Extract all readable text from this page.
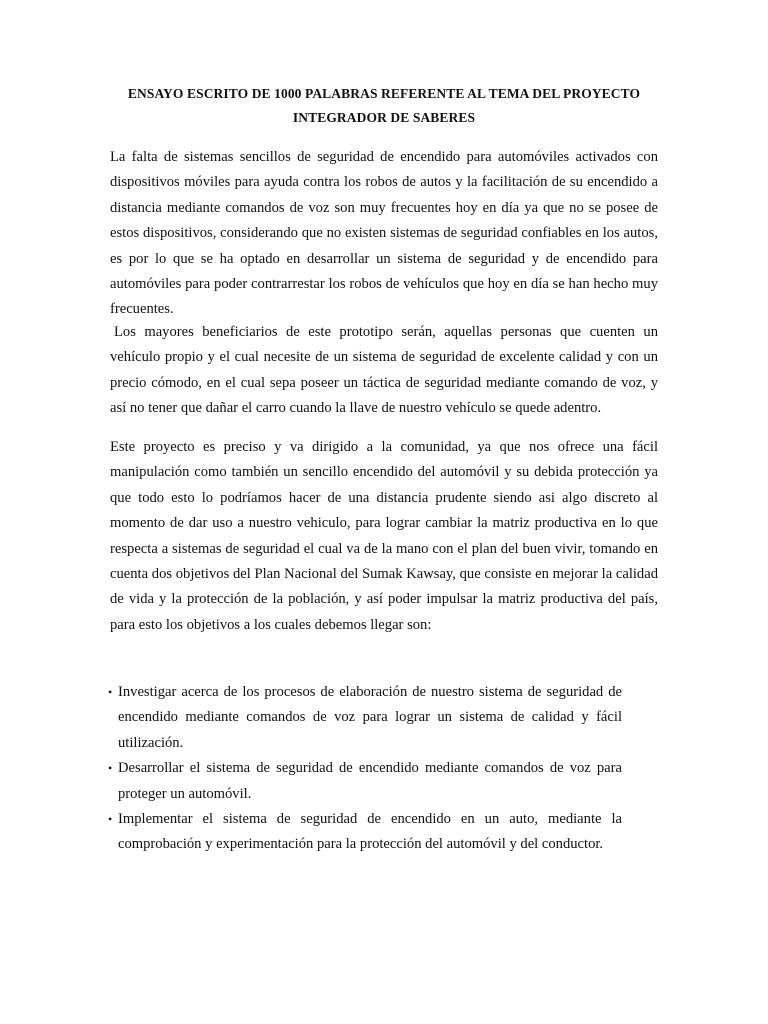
ENSAYO ESCRITO DE 1000 PALABRAS REFERENTE AL TEMA DEL PROYECTO INTEGRADOR DE SABERES

La falta de sistemas sencillos de seguridad de encendido para automóviles activados con dispositivos móviles para ayuda contra los robos de autos y la facilitación de su encendido a distancia mediante comandos de voz son muy frecuentes hoy en día ya que no se posee de estos dispositivos, considerando que no existen sistemas de seguridad confiables en los autos, es por lo que se ha optado en desarrollar un sistema de seguridad y de encendido para automóviles para poder contrarrestar los robos de vehículos que hoy en día se han hecho muy frecuentes.

Los mayores beneficiarios de este prototipo serán, aquellas personas que cuenten un vehículo propio y el cual necesite de un sistema de seguridad de excelente calidad y con un precio cómodo, en el cual sepa poseer un táctica de seguridad mediante comando de voz, y así no tener que dañar el carro cuando la llave de nuestro vehículo se quede adentro.

Este proyecto es preciso y va dirigido a la comunidad, ya que nos ofrece una fácil manipulación como también un sencillo encendido del automóvil y su debida protección ya que todo esto lo podríamos hacer de una distancia prudente siendo asi algo discreto al momento de dar uso a nuestro vehiculo, para lograr cambiar la matriz productiva en lo que respecta a sistemas de seguridad el cual va de la mano con el plan del buen vivir, tomando en cuenta dos objetivos del Plan Nacional del Sumak Kawsay, que consiste en mejorar la calidad de vida y la protección de la población, y así poder impulsar la matriz productiva del país, para esto los objetivos a los cuales debemos llegar son:

• Investigar acerca de los procesos de elaboración de nuestro sistema de seguridad de encendido mediante comandos de voz para lograr un sistema de calidad y fácil utilización.
• Desarrollar el sistema de seguridad de encendido mediante comandos de voz para proteger un automóvil.
• Implementar el sistema de seguridad de encendido en un auto, mediante la comprobación y experimentación para la protección del automóvil y del conductor.
